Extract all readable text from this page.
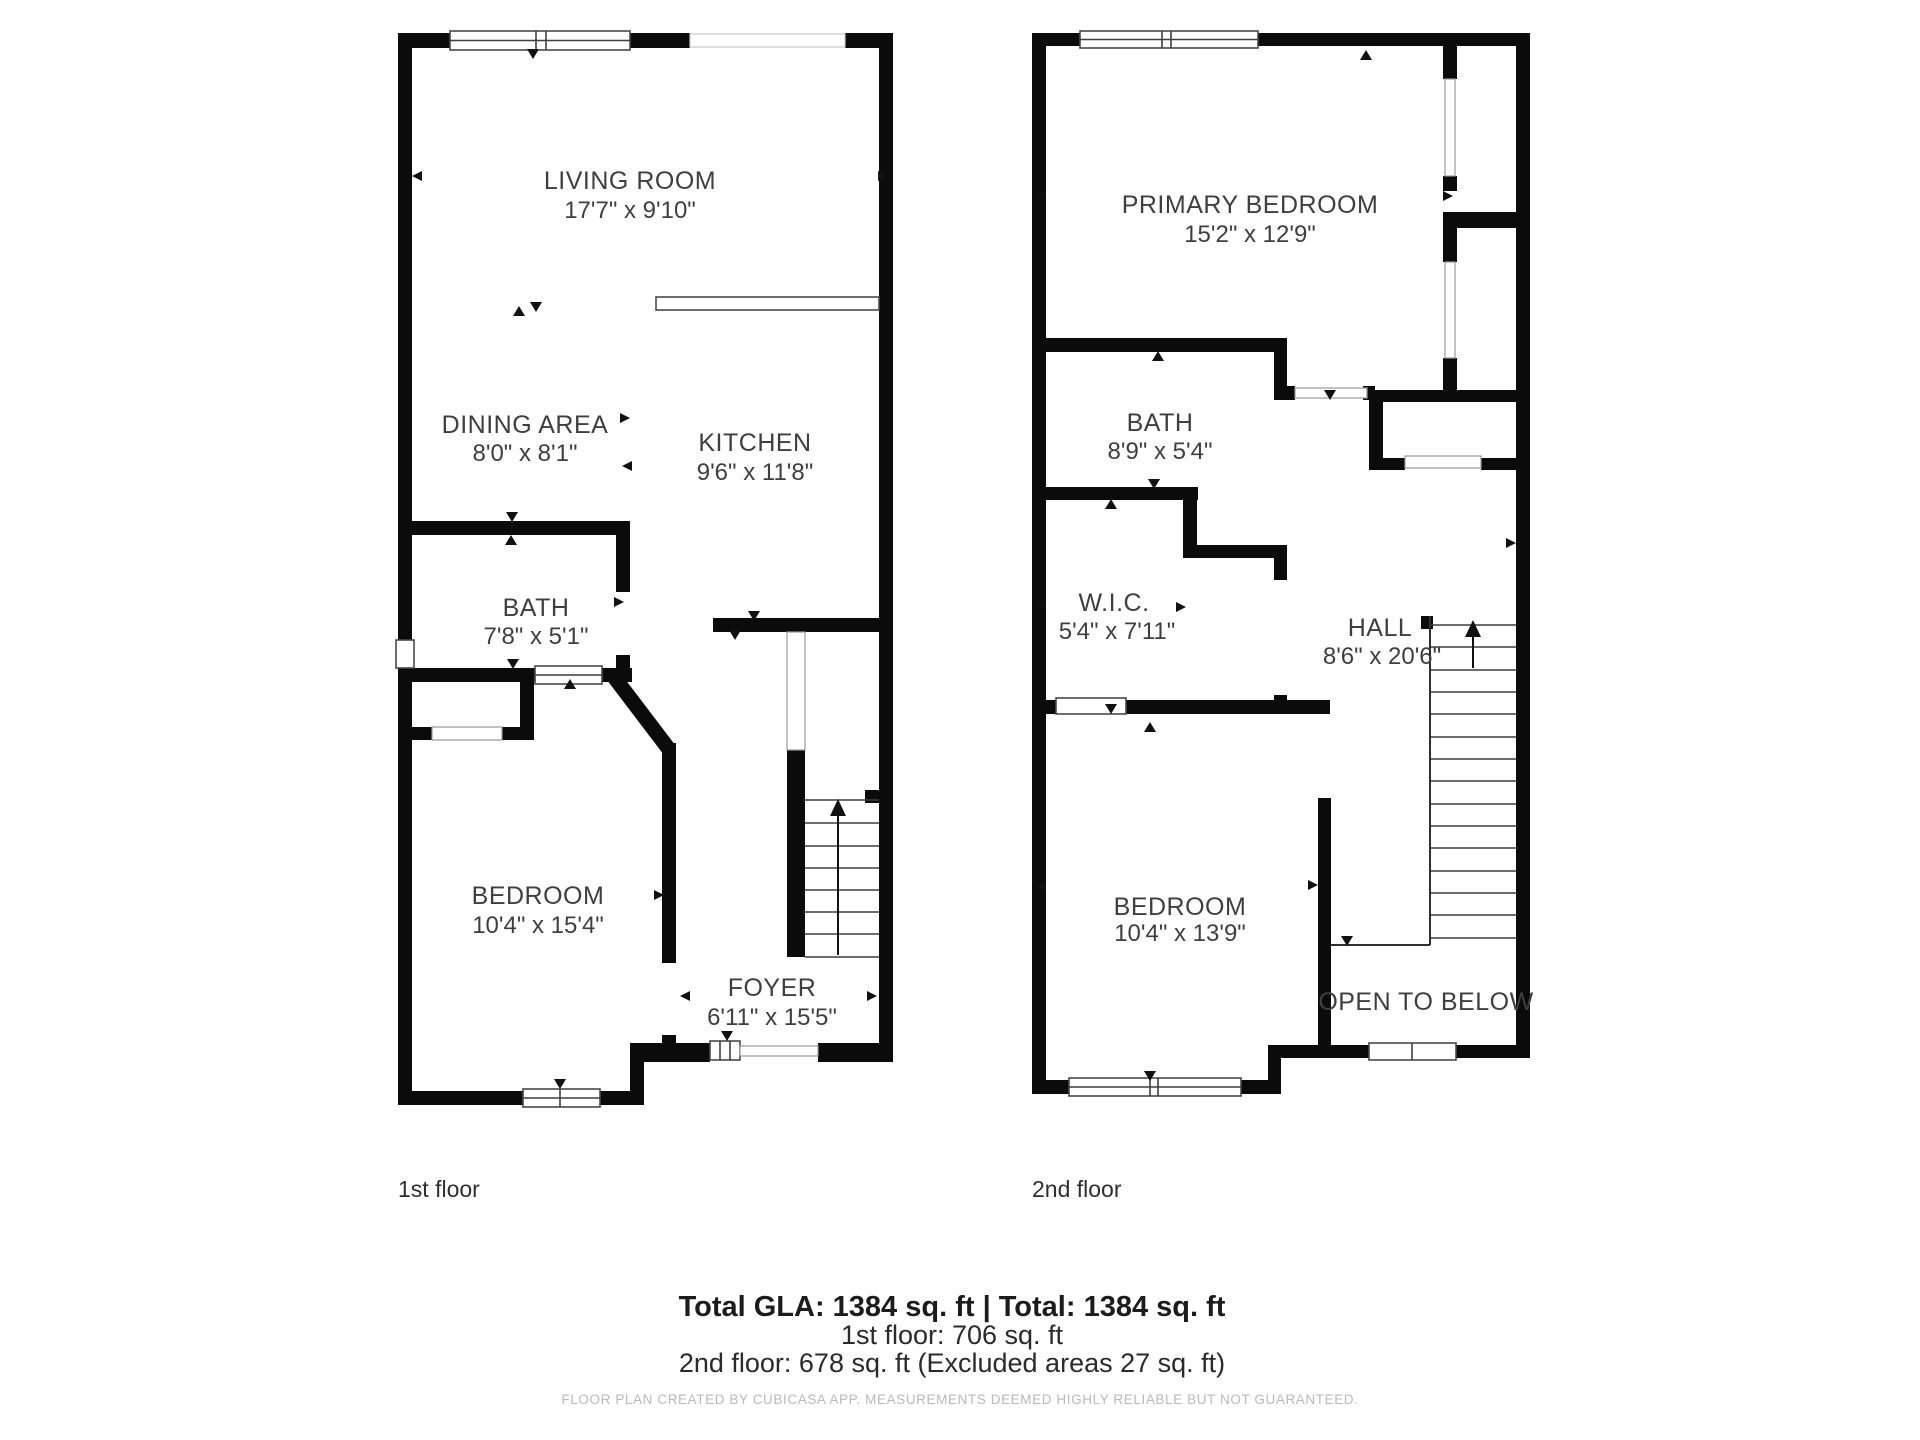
LIVING ROOM
17'7" x 9'10"
DINING AREA
8'0" x 8'1"	KITCHEN
9'6" x 11'8"
BATH
7'8" x 5'1"
BEDROOM
10'4" x 15'4"
FOYER
6'11" x 15'5"
1st floor
PRIMARY BEDROOM
15'2" x 12'9"
BATH
8'9" x 5'4"
W.I.C.
5'4" x 7'11"	HALL
8'6" x 20'6"
BEDROOM
10'4" x 13'9"
OPEN TO BELOW
2nd floor
Total GLA: 1384 sq. ft | Total: 1384 sq. ft
1st floor: 706 sq. ft
2nd floor: 678 sq. ft (Excluded areas 27 sq. ft)
FLOOR PLAN CREATED BY CUBICASA APP. MEASUREMENTS DEEMED HIGHLY RELIABLE BUT NOT GUARANTEED.
